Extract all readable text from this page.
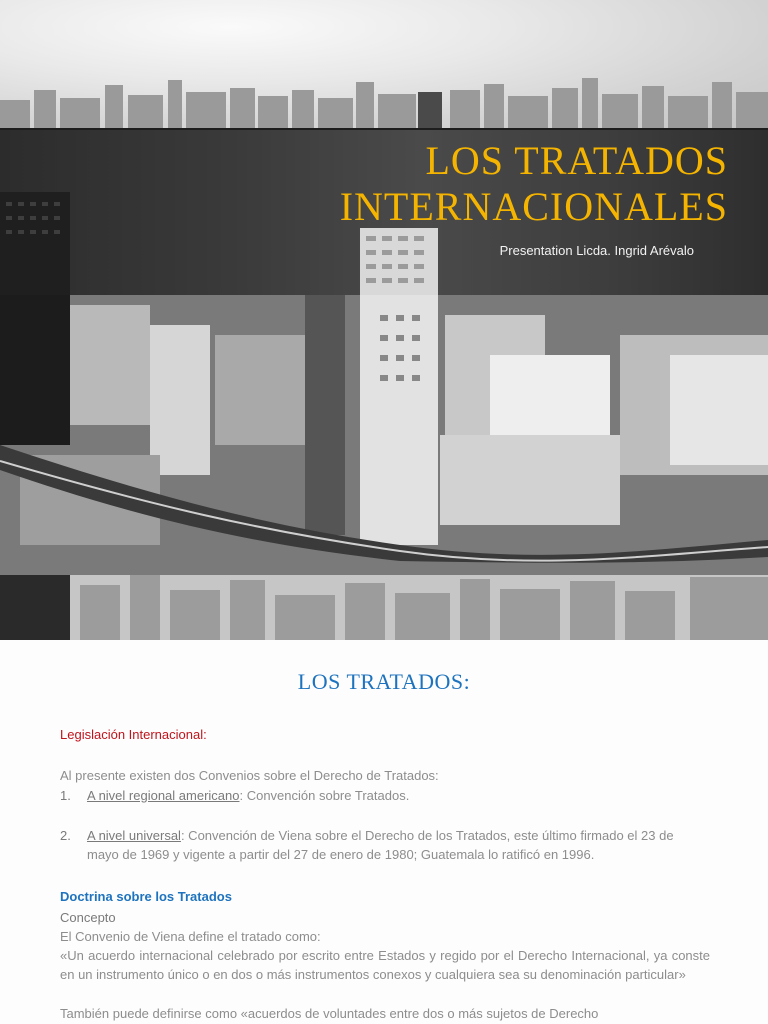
LOS TRATADOS
INTERNACIONALES
Presentation Licda. Ingrid Arévalo
LOS TRATADOS:
Legislación Internacional:

Al presente existen dos Convenios sobre el Derecho de Tratados:

1. A nivel regional americano: Convención sobre Tratados.

2. A nivel universal: Convención de Viena sobre el Derecho de los Tratados, este último firmado el 23 de

mayo de 1969 y vigente a partir del 27 de enero de 1980; Guatemala lo ratificó en 1996.

Doctrina sobre los Tratados

Concepto

El Convenio de Viena define el tratado como:

«Un acuerdo internacional celebrado por escrito entre Estados y regido por el Derecho Internacional, ya conste en un instrumento único o en dos o más instrumentos conexos y cualquiera sea su denominación particular»

También puede definirse como «acuerdos de voluntades entre dos o más sujetos de Derecho
